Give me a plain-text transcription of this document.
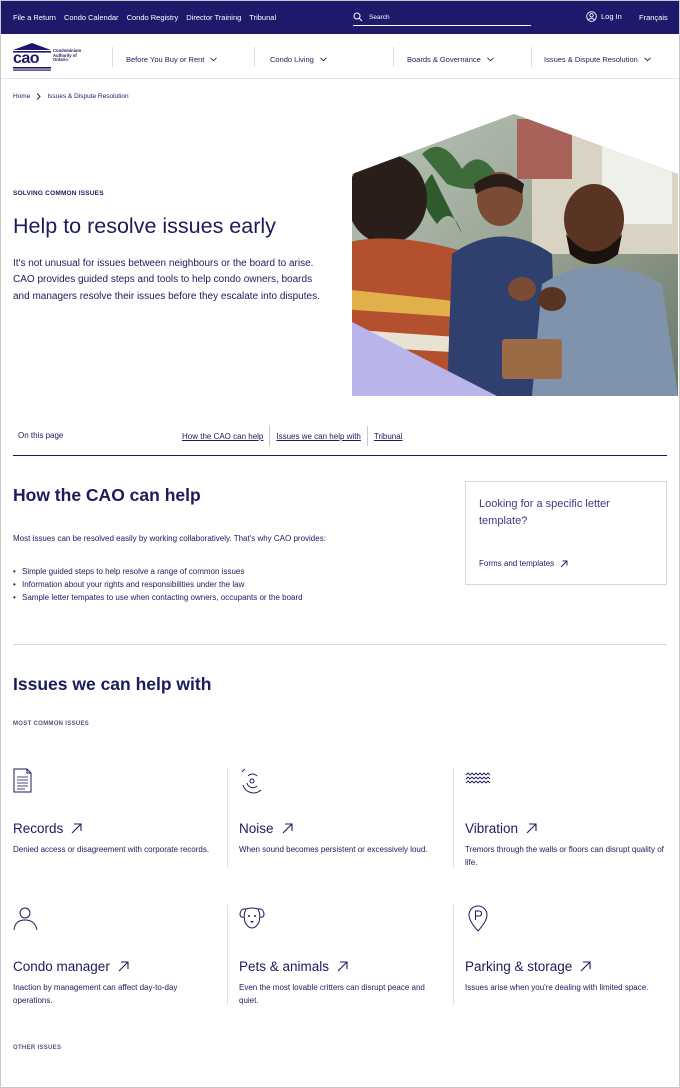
File a Return Condo Calendar Condo Registry Director Training Tribunal
Search	Log In Français
cao	Condominium Authority of Ontario	Before You Buy or Rent	Condo Living	Boards & Governance	Issues & Dispute Resolution
Home	Issues & Dispute Resolution
SOLVING COMMON ISSUES
Help to resolve issues early

It's not unusual for issues between neighbours or the board to arise. CAO provides guided steps and tools to help condo owners, boards and managers resolve their issues before they escalate into disputes.

On this page	How the CAO can help	Issues we can help with	Tribunal
How the CAO can help

Most issues can be resolved easily by working collaboratively. That's why CAO provides:

• Simple guided steps to help resolve a range of common issues
• Information about your rights and responsibilities under the law
• Sample letter tempates to use when contacting owners, occupants or the board
Looking for a specific letter template?
Forms and templates
Issues we can help with
MOST COMMON ISSUES
Records
Denied access or disagreement with corporate records.
Noise
When sound becomes persistent or excessively loud.
Vibration
Tremors through the walls or floors can disrupt quality of life.
Condo manager
Inaction by management can affect day-to-day operations.
Pets & animals
Even the most lovable critters can disrupt peace and quiet.
Parking & storage
Issues arise when you're dealing with limited space.
OTHER ISSUES
